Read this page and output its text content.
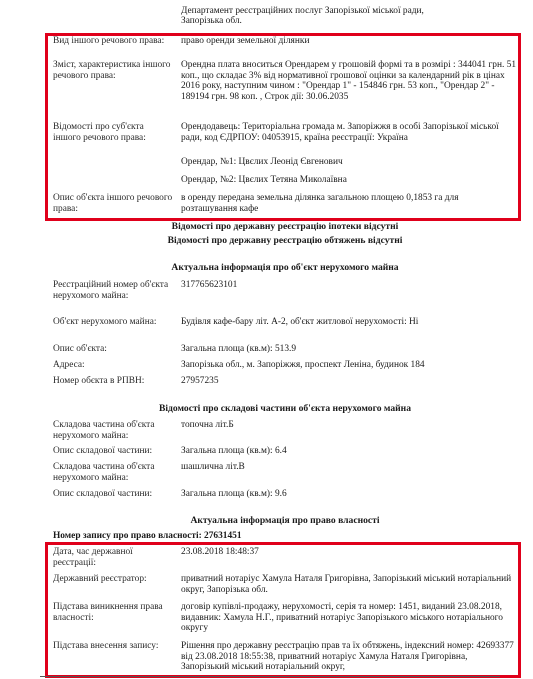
Департамент реєстраційних послуг Запорізької міської ради,
Запорізька обл.
Вид іншого речового права:	право оренди земельної ділянки
Зміст, характеристика іншого речового права:
Орендна плата вноситься Орендарем у грошовій формі та в розмірі : 344041 грн. 51 коп., що складає 3% від нормативної грошової оцінки за календарний рік в цінах 2016 року, наступним чином : "Орендар 1" - 154846 грн. 53 коп., "Орендар 2" - 189194 грн. 98 коп. , Строк дії: 30.06.2035
Відомості про суб'єкта іншого речового права:
Орендодавець: Територіальна громада м. Запоріжжя в особі Запорізької міської ради, код ЄДРПОУ: 04053915, країна реєстрації: Україна
Орендар, №1: Цвєлих Леонід Євгенович
Орендар, №2: Цвєлих Тетяна Миколаївна
Опис об'єкта іншого речового права:
в оренду передана земельна ділянка загальною площею 0,1853 га для розташування кафе
Відомості про державну реєстрацію іпотеки відсутні
Відомості про державну реєстрацію обтяжень відсутні
Актуальна інформація про об'єкт нерухомого майна
Реєстраційний номер об'єкта нерухомого майна:
317765623101
Об'єкт нерухомого майна:	Будівля кафе-бару літ. А-2, об'єкт житлової нерухомості: Ні
Опис об'єкта:	Загальна площа (кв.м): 513.9
Адреса:	Запорізька обл., м. Запоріжжя, проспект Леніна, будинок 184
Номер обєкта в РПВН:	27957235
Відомості про складові частини об'єкта нерухомого майна
Складова частина об'єкта нерухомого майна:
топочна літ.Б
Опис складової частини:	Загальна площа (кв.м): 6.4
Складова частина об'єкта нерухомого майна:
шашлична літ.В
Опис складової частини:	Загальна площа (кв.м): 9.6
Актуальна інформація про право власності
Номер запису про право власності: 27631451
Дата, час державної реєстрації:
23.08.2018 18:48:37
Державний реєстратор:	приватний нотаріус Хамула Наталя Григорівна, Запорізький міський нотаріальний округ, Запорізька обл.
Підстава виникнення права власності:
договір купівлі-продажу, нерухомості, серія та номер: 1451, виданий 23.08.2018, видавник: Хамула Н.Г., приватний нотаріус Запорізького міського нотаріального округу
Підстава внесення запису:	Рішення про державну реєстрацію прав та їх обтяжень, індексний номер: 42693377 від 23.08.2018 18:55:38, приватний нотаріус Хамула Наталя Григорівна, Запорізький міський нотаріальний округ,
